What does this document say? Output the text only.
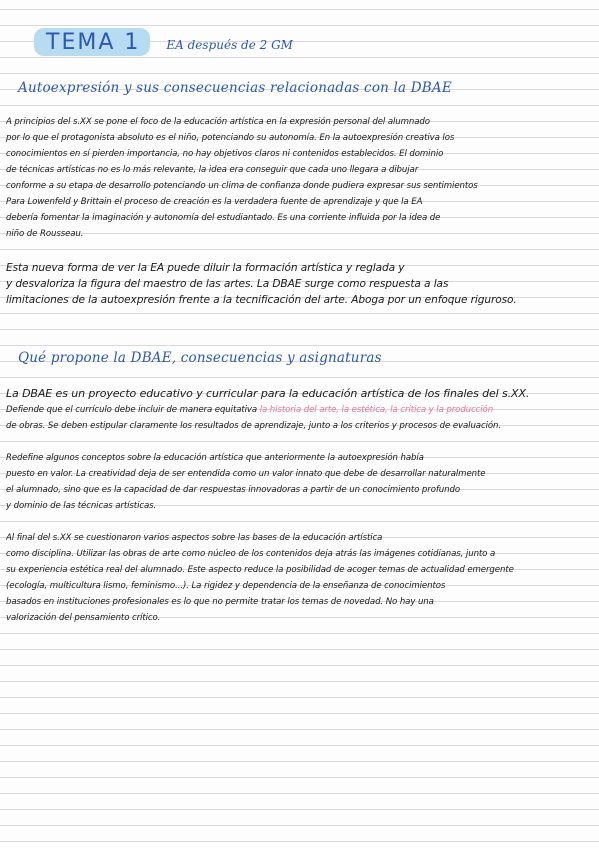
TEMA 1	EA después de 2 GM
Autoexpresión y sus consecuencias relacionadas con la DBAE
A principios del s.XX se pone el foco de la educación artística en la expresión personal del alumnado
por lo que el protagonista absoluto es el niño, potenciando su autonomía. En la autoexpresión creativa los
conocimientos en sí pierden importancia, no hay objetivos claros ni contenidos establecidos. El dominio
de técnicas artísticas no es lo más relevante, la idea era conseguir que cada uno llegara a dibujar
conforme a su etapa de desarrollo potenciando un clima de confianza donde pudiera expresar sus sentimientos
Para Lowenfeld y Brittain el proceso de creación es la verdadera fuente de aprendizaje y que la EA
debería fomentar la imaginación y autonomía del estudiantado. Es una corriente influida por la idea de
niño de Rousseau.
Esta nueva forma de ver la EA puede diluir la formación artística y reglada y
y desvaloriza la figura del maestro de las artes. La DBAE surge como respuesta a las
limitaciones de la autoexpresión frente a la tecnificación del arte. Aboga por un enfoque riguroso.
Qué propone la DBAE, consecuencias y asignaturas
La DBAE es un proyecto educativo y curricular para la educación artística de los finales del s.XX.
Defiende que el currículo debe incluir de manera equitativa la historia del arte, la estética, la crítica y la producción
de obras. Se deben estipular claramente los resultados de aprendizaje, junto a los criterios y procesos de evaluación.
Redefine algunos conceptos sobre la educación artística que anteriormente la autoexpresión había
puesto en valor. La creatividad deja de ser entendida como un valor innato que debe de desarrollar naturalmente
el alumnado, sino que es la capacidad de dar respuestas innovadoras a partir de un conocimiento profundo
y dominio de las técnicas artísticas.
Al final del s.XX se cuestionaron varios aspectos sobre las bases de la educación artística
como disciplina. Utilizar las obras de arte como núcleo de los contenidos deja atrás las imágenes cotidianas, junto a
su experiencia estética real del alumnado. Este aspecto reduce la posibilidad de acoger temas de actualidad emergente
(ecología, multicultura lismo, feminismo...). La rigidez y dependencia de la enseñanza de conocimientos
basados en instituciones profesionales es lo que no permite tratar los temas de novedad. No hay una
valorización del pensamiento crítico.
